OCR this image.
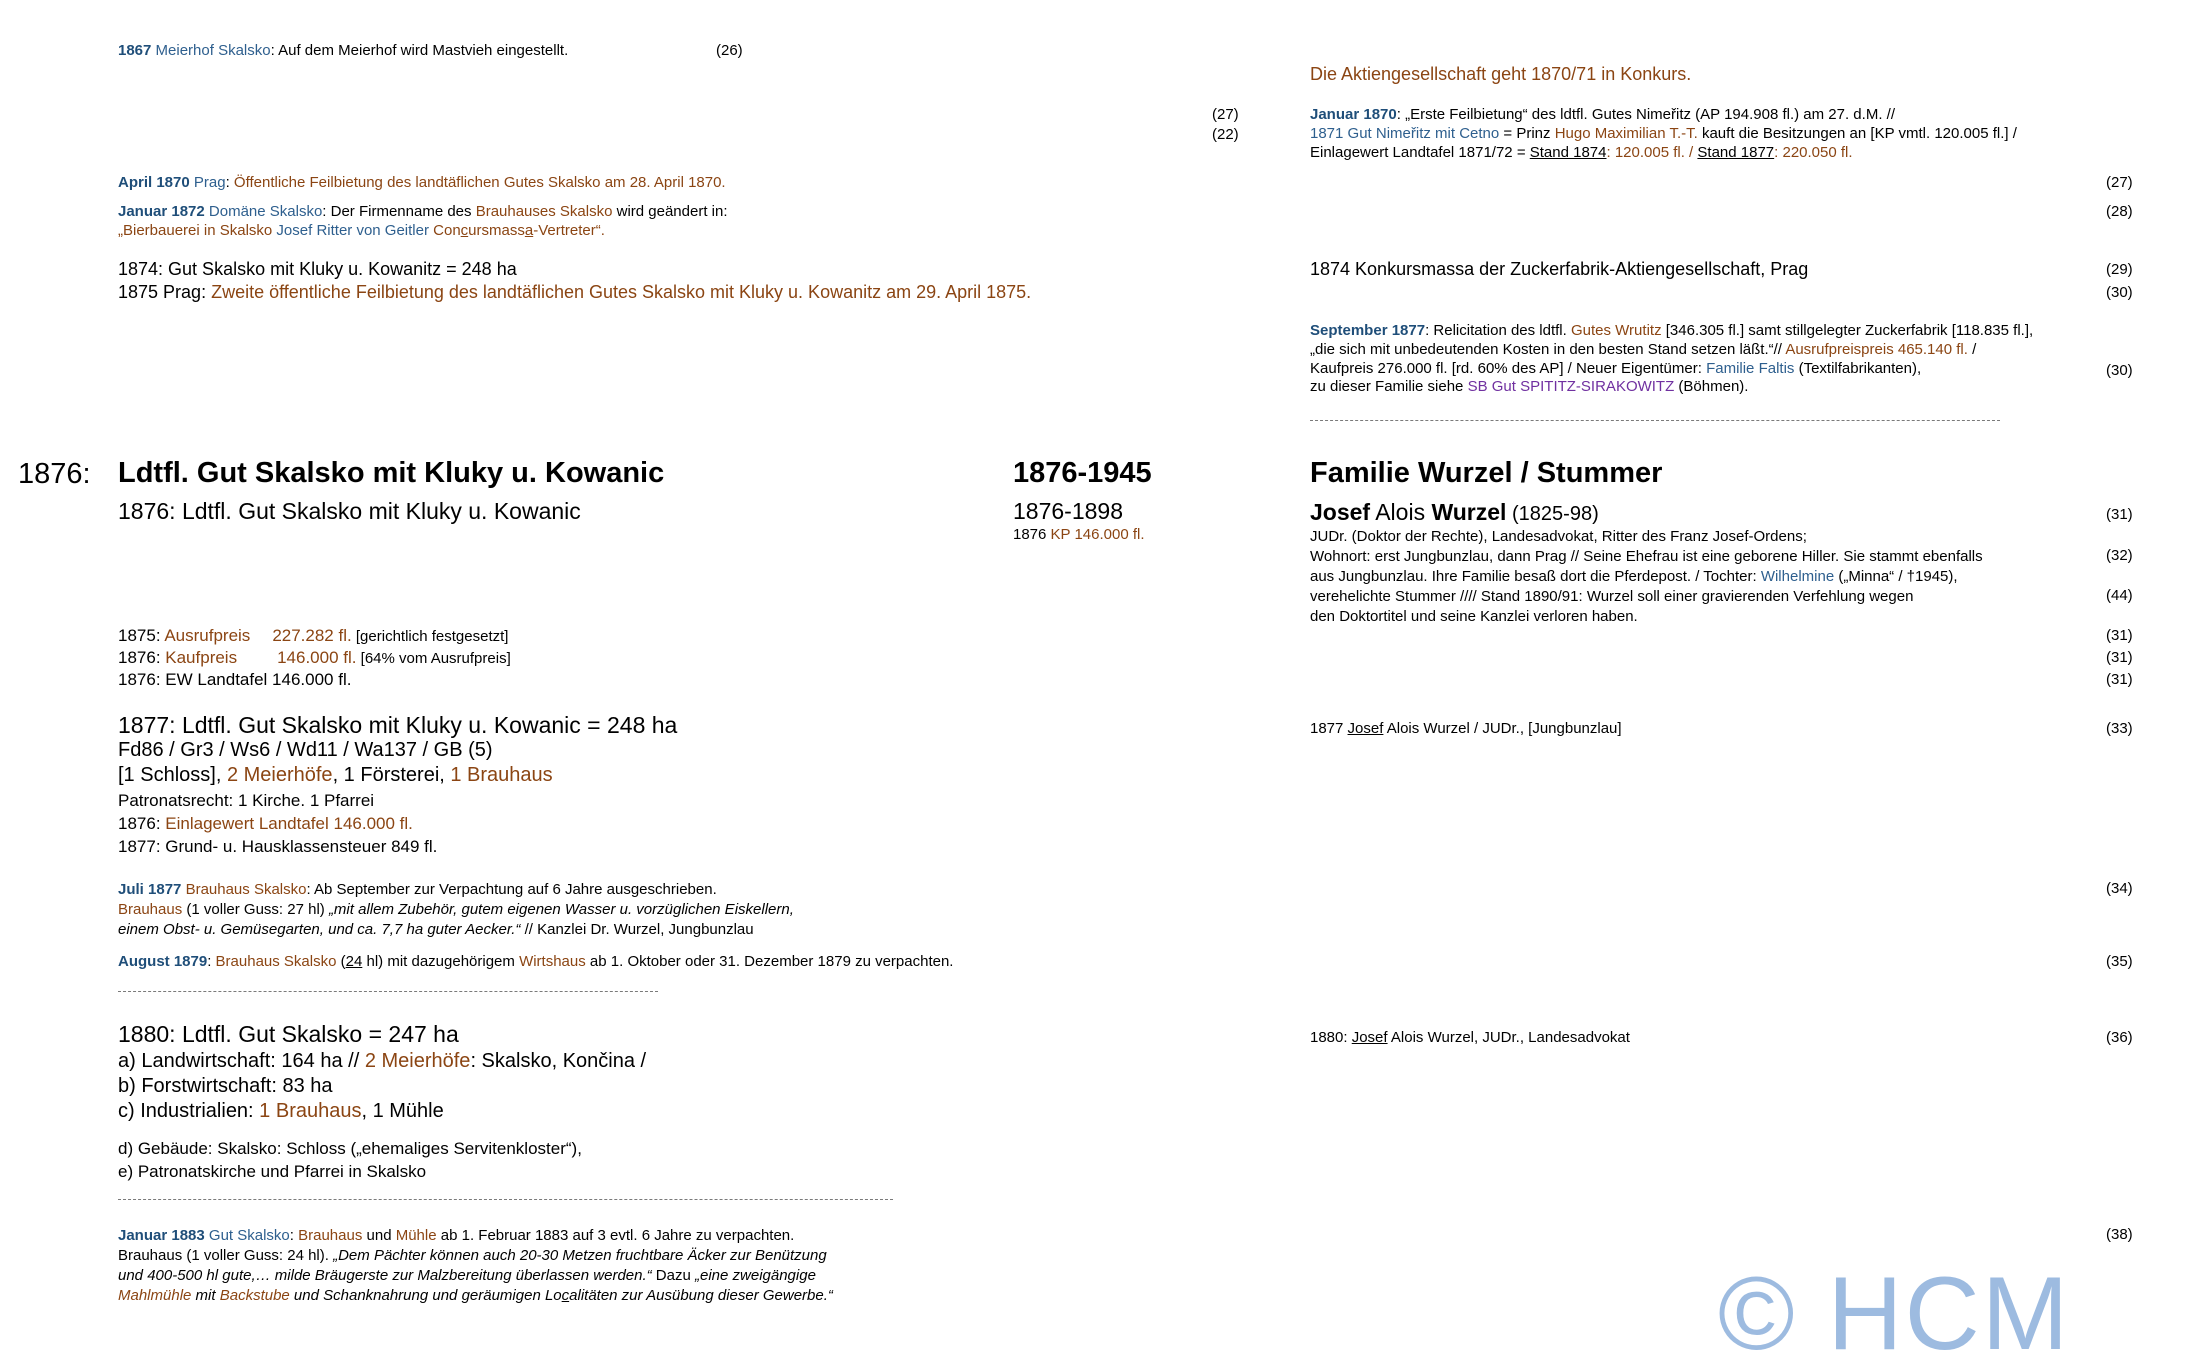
1867 Meierhof Skalsko: Auf dem Meierhof wird Mastvieh eingestellt.	(26)
Die Aktiengesellschaft geht 1870/71 in Konkurs.
(27)
(22)
Januar 1870: „Erste Feilbietung“ des ldtfl. Gutes Nimeřitz (AP 194.908 fl.) am 27. d.M. //
1871 Gut Nimeřitz mit Cetno = Prinz Hugo Maximilian T.-T. kauft die Besitzungen an [KP vmtl. 120.005 fl.] /
Einlagewert Landtafel 1871/72 = Stand 1874: 120.005 fl. / Stand 1877: 220.050 fl.
April 1870 Prag: Öffentliche Feilbietung des landtäflichen Gutes Skalsko am 28. April 1870.	(27)
Januar 1872 Domäne Skalsko: Der Firmenname des Brauhauses Skalsko wird geändert in:
„Bierbauerei in Skalsko Josef Ritter von Geitler Concursmassa-Vertreter“.
(28)
1874: Gut Skalsko mit Kluky u. Kowanitz = 248 ha
1875 Prag: Zweite öffentliche Feilbietung des landtäflichen Gutes Skalsko mit Kluky u. Kowanitz am 29. April 1875.
1874 Konkursmassa der Zuckerfabrik-Aktiengesellschaft, Prag	(29)
(30)
September 1877: Relicitation des ldtfl. Gutes Wrutitz [346.305 fl.] samt stillgelegter Zuckerfabrik [118.835 fl.],
„die sich mit unbedeutenden Kosten in den besten Stand setzen läßt.“// Ausrufpreispreis 465.140 fl. /
Kaufpreis 276.000 fl. [rd. 60% des AP] / Neuer Eigentümer: Familie Faltis (Textilfabrikanten),
zu dieser Familie siehe SB Gut SPITITZ-SIRAKOWITZ (Böhmen).
(30)
1876: Ldtfl. Gut Skalsko mit Kluky u. Kowanic	1876-1945	Familie Wurzel / Stummer
1876: Ldtfl. Gut Skalsko mit Kluky u. Kowanic	1876-1898
1876 KP 146.000 fl.
Josef Alois Wurzel (1825-98)	(31)
JUDr. (Doktor der Rechte), Landesadvokat, Ritter des Franz Josef-Ordens;
Wohnort: erst Jungbunzlau, dann Prag // Seine Ehefrau ist eine geborene Hiller. Sie stammt ebenfalls
aus Jungbunzlau. Ihre Familie besaß dort die Pferdepost. / Tochter: Wilhelmine („Minna“ / †1945),
verehelichte Stummer //// Stand 1890/91: Wurzel soll einer gravierenden Verfehlung wegen
den Doktortitel und seine Kanzlei verloren haben.
(32)
(44)
1875: Ausrufpreis 227.282 fl. [gerichtlich festgesetzt]
1876: Kaufpreis 146.000 fl. [64% vom Ausrufpreis]
1876: EW Landtafel 146.000 fl.
(31)
(31)
(31)
1877: Ldtfl. Gut Skalsko mit Kluky u. Kowanic = 248 ha
Fd86 / Gr3 / Ws6 / Wd11 / Wa137 / GB (5)
[1 Schloss], 2 Meierhöfe, 1 Försterei, 1 Brauhaus
Patronatsrecht: 1 Kirche. 1 Pfarrei
1876: Einlagewert Landtafel 146.000 fl.
1877: Grund- u. Hausklassensteuer 849 fl.
1877 Josef Alois Wurzel / JUDr., [Jungbunzlau]	(33)
Juli 1877 Brauhaus Skalsko: Ab September zur Verpachtung auf 6 Jahre ausgeschrieben.
Brauhaus (1 voller Guss: 27 hl) „mit allem Zubehör, gutem eigenen Wasser u. vorzüglichen Eiskellern,
einem Obst- u. Gemüsegarten, und ca. 7,7 ha guter Aecker.“ // Kanzlei Dr. Wurzel, Jungbunzlau
(34)
August 1879: Brauhaus Skalsko (24 hl) mit dazugehörigem Wirtshaus ab 1. Oktober oder 31. Dezember 1879 zu verpachten.	(35)
1880: Ldtfl. Gut Skalsko = 247 ha
a) Landwirtschaft: 164 ha // 2 Meierhöfe: Skalsko, Končina /
b) Forstwirtschaft: 83 ha
c) Industrialien: 1 Brauhaus, 1 Mühle
d) Gebäude: Skalsko: Schloss („ehemaliges Servitenkloster“),
e) Patronatskirche und Pfarrei in Skalsko
1880: Josef Alois Wurzel, JUDr., Landesadvokat	(36)
Januar 1883 Gut Skalsko: Brauhaus und Mühle ab 1. Februar 1883 auf 3 evtl. 6 Jahre zu verpachten.
Brauhaus (1 voller Guss: 24 hl). „Dem Pächter können auch 20-30 Metzen fruchtbare Äcker zur Benützung
und 400-500 hl gute,… milde Bräugerste zur Malzbereitung überlassen werden.“ Dazu „eine zweigängige
Mahlmühle mit Backstube und Schanknahrung und geräumigen Localitäten zur Ausübung dieser Gewerbe.“
(38)
© HCM
